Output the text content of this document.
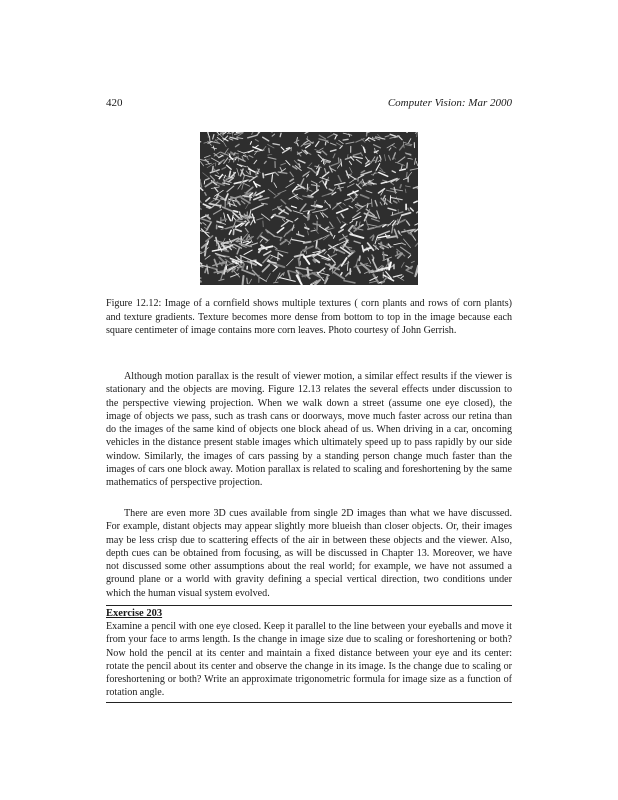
420	Computer Vision: Mar 2000

Figure 12.12: Image of a cornfield shows multiple textures ( corn plants and rows of corn plants) and texture gradients. Texture becomes more dense from bottom to top in the image because each square centimeter of image contains more corn leaves. Photo courtesy of John Gerrish.

Although motion parallax is the result of viewer motion, a similar effect results if the viewer is stationary and the objects are moving. Figure 12.13 relates the several effects under discussion to the perspective viewing projection. When we walk down a street (assume one eye closed), the image of objects we pass, such as trash cans or doorways, move much faster across our retina than do the images of the same kind of objects one block ahead of us. When driving in a car, oncoming vehicles in the distance present stable images which ultimately speed up to pass rapidly by our side window. Similarly, the images of cars passing by a standing person change much faster than the images of cars one block away. Motion parallax is related to scaling and foreshortening by the same mathematics of perspective projection.

There are even more 3D cues available from single 2D images than what we have discussed. For example, distant objects may appear slightly more blueish than closer objects. Or, their images may be less crisp due to scattering effects of the air in between these objects and the viewer. Also, depth cues can be obtained from focusing, as will be discussed in Chapter 13. Moreover, we have not discussed some other assumptions about the real world; for example, we have not assumed a ground plane or a world with gravity defining a special vertical direction, two conditions under which the human visual system evolved.

Exercise 203

Examine a pencil with one eye closed. Keep it parallel to the line between your eyeballs and move it from your face to arms length. Is the change in image size due to scaling or foreshortening or both? Now hold the pencil at its center and maintain a fixed distance between your eye and its center: rotate the pencil about its center and observe the change in its image. Is the change due to scaling or foreshortening or both? Write an approximate trigonometric formula for image size as a function of rotation angle.
